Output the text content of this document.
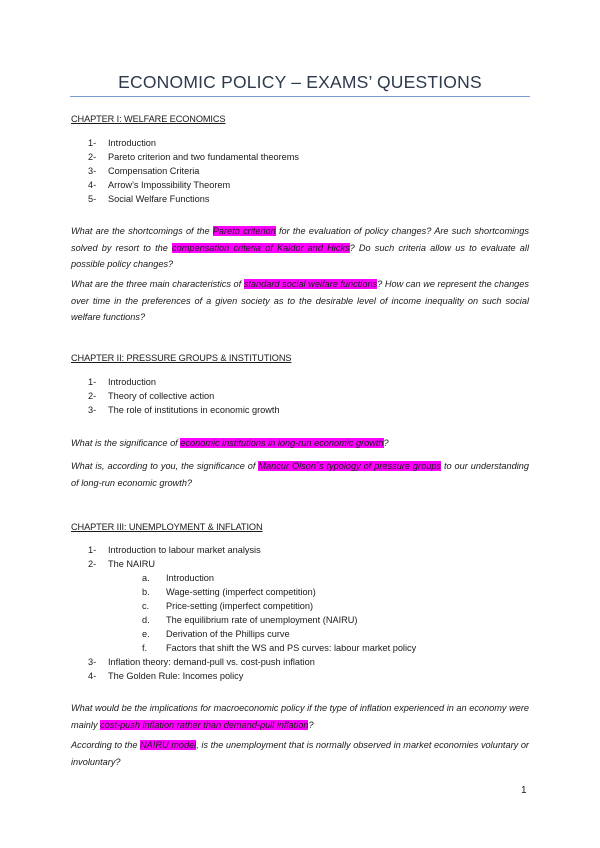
ECONOMIC POLICY – EXAMS’ QUESTIONS
CHAPTER I: WELFARE ECONOMICS
1- Introduction
2- Pareto criterion and two fundamental theorems
3- Compensation Criteria
4- Arrow’s Impossibility Theorem
5- Social Welfare Functions

What are the shortcomings of the Pareto criterion for the evaluation of policy changes? Are such shortcomings solved by resort to the compensation criteria of Kaldor and Hicks? Do such criteria allow us to evaluate all possible policy changes?

What are the three main characteristics of standard social welfare functions? How can we represent the changes over time in the preferences of a given society as to the desirable level of income inequality on such social welfare functions?

CHAPTER II: PRESSURE GROUPS & INSTITUTIONS
1- Introduction
2- Theory of collective action
3- The role of institutions in economic growth

What is the significance of economic institutions in long-run economic growth?

What is, according to you, the significance of Mancur Olson´s typology of pressure groups to our understanding of long-run economic growth?

CHAPTER III: UNEMPLOYMENT & INFLATION
1- Introduction to labour market analysis
2- The NAIRU
a. Introduction
b. Wage-setting (imperfect competition)
c. Price-setting (imperfect competition)
d. The equilibrium rate of unemployment (NAIRU)
e. Derivation of the Phillips curve
f. Factors that shift the WS and PS curves: labour market policy
3- Inflation theory: demand-pull vs. cost-push inflation
4- The Golden Rule: Incomes policy

What would be the implications for macroeconomic policy if the type of inflation experienced in an economy were mainly cost-push inflation rather than demand-pull inflation?

According to the NAIRU model, is the unemployment that is normally observed in market economies voluntary or involuntary?

1
